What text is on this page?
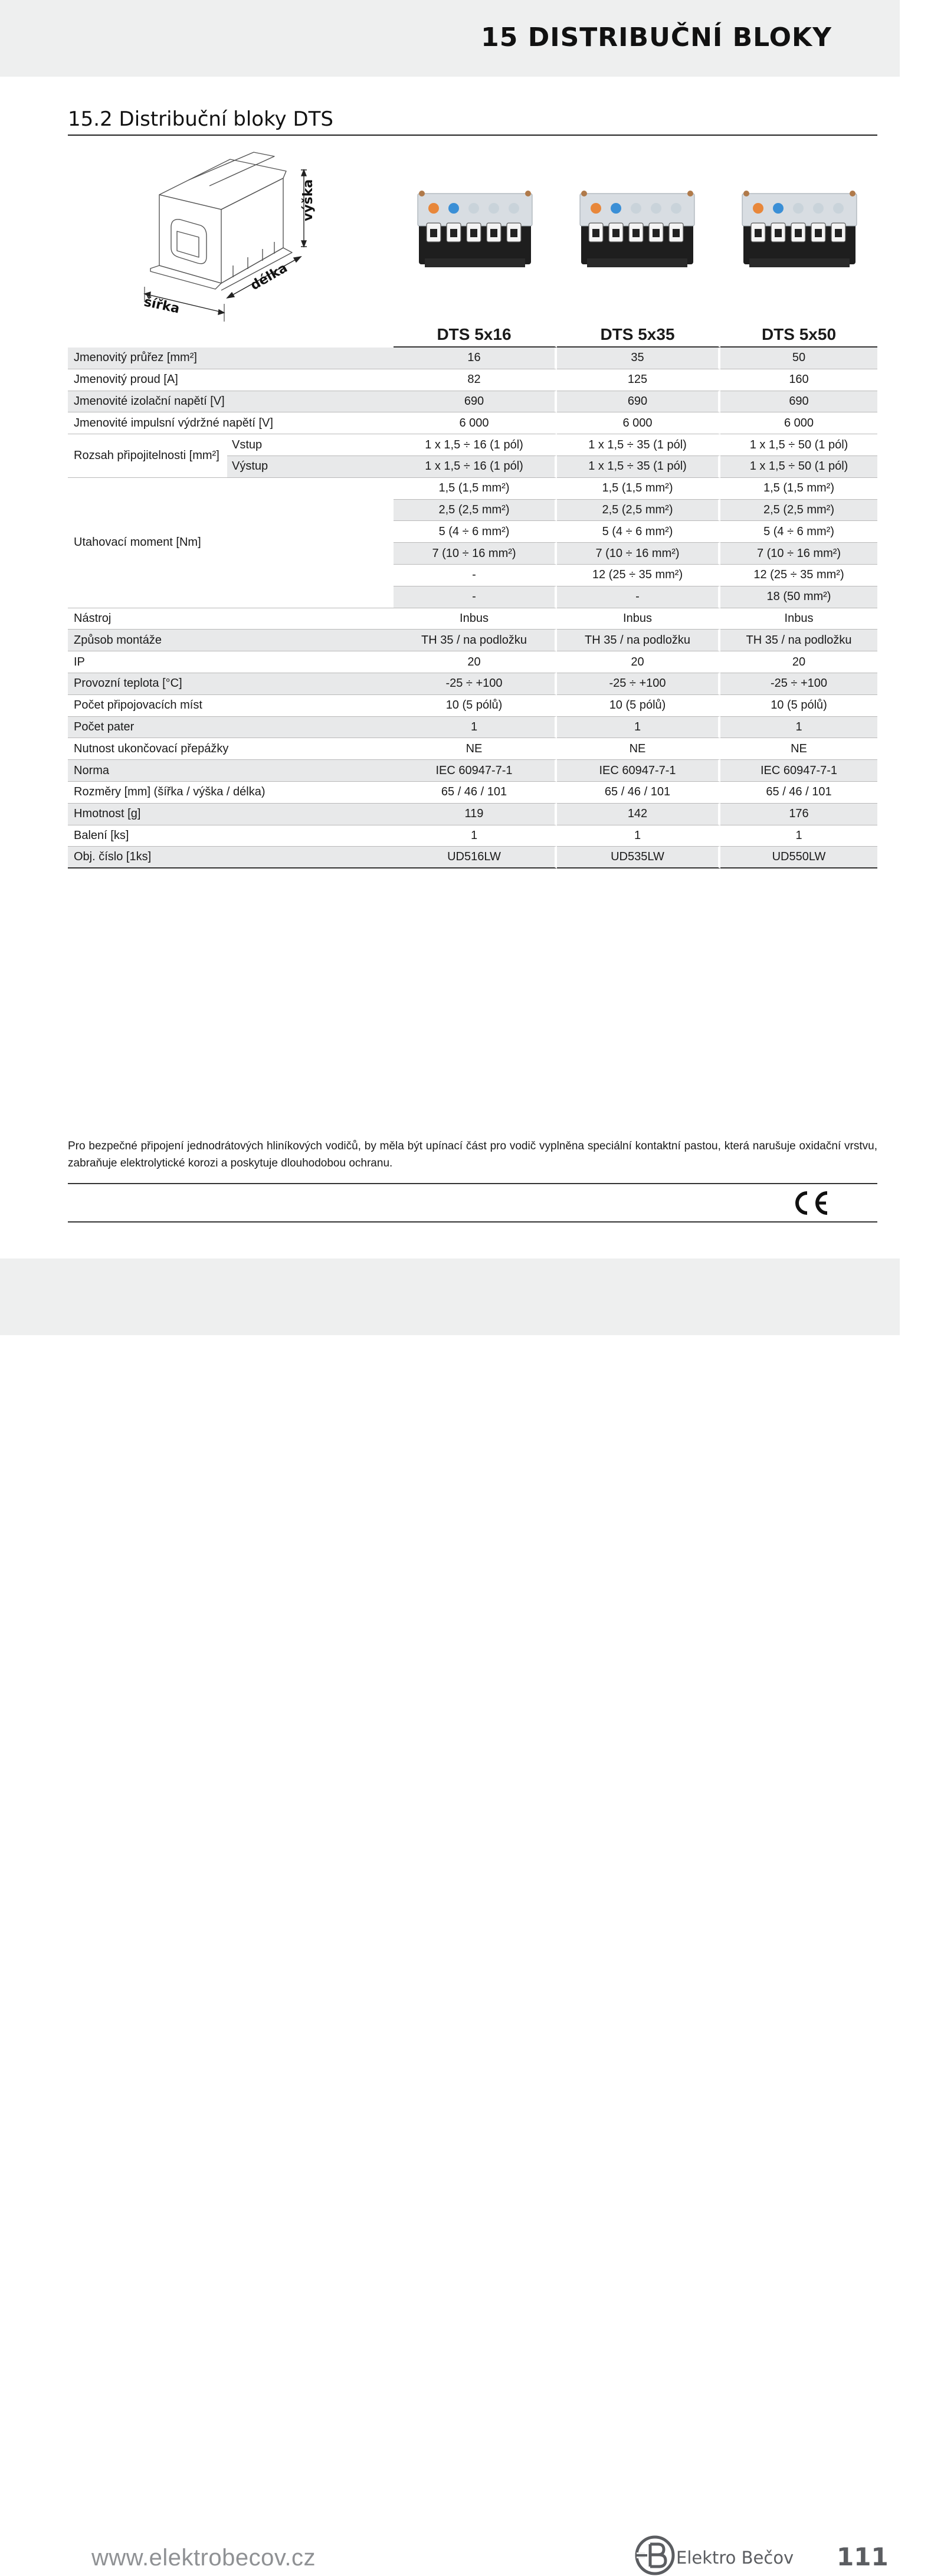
15 DISTRIBUČNÍ BLOKY
15.2 Distribuční bloky DTS
výška
délka
šířka
		DTS 5x16	DTS 5x35	DTS 5x50
Jmenovitý průřez [mm²]		16	35	50
Jmenovitý proud [A]		82	125	160
Jmenovité izolační napětí [V]		690	690	690
Jmenovité impulsní výdržné napětí [V]		6 000	6 000	6 000
Rozsah připojitelnosti [mm²]	Vstup	1 x 1,5 ÷ 16 (1 pól)	1 x 1,5 ÷ 35 (1 pól)	1 x 1,5 ÷ 50 (1 pól)
	Výstup	1 x 1,5 ÷ 16 (1 pól)	1 x 1,5 ÷ 35 (1 pól)	1 x 1,5 ÷ 50 (1 pól)
Utahovací moment [Nm]		1,5 (1,5 mm²)	1,5 (1,5 mm²)	1,5 (1,5 mm²)
		2,5 (2,5 mm²)	2,5 (2,5 mm²)	2,5 (2,5 mm²)
		5 (4 ÷ 6 mm²)	5 (4 ÷ 6 mm²)	5 (4 ÷ 6 mm²)
		7 (10 ÷ 16 mm²)	7 (10 ÷ 16 mm²)	7 (10 ÷ 16 mm²)
		-	12 (25 ÷ 35 mm²)	12 (25 ÷ 35 mm²)
		-	-	18 (50 mm²)
Nástroj		Inbus	Inbus	Inbus
Způsob montáže		TH 35 / na podložku	TH 35 / na podložku	TH 35 / na podložku
IP		20	20	20
Provozní teplota [°C]		-25 ÷ +100	-25 ÷ +100	-25 ÷ +100
Počet připojovacích míst		10 (5 pólů)	10 (5 pólů)	10 (5 pólů)
Počet pater		1	1	1
Nutnost ukončovací přepážky		NE	NE	NE
Norma		IEC 60947-7-1	IEC 60947-7-1	IEC 60947-7-1
Rozměry [mm] (šířka / výška / délka)		65 / 46 / 101	65 / 46 / 101	65 / 46 / 101
Hmotnost [g]		119	142	176
Balení [ks]		1	1	1
Obj. číslo [1ks]		UD516LW	UD535LW	UD550LW

Pro bezpečné připojení jednodrátových hliníkových vodičů, by měla být upínací část pro vodič vyplněna speciální kontaktní pastou, která narušuje oxidační vrstvu, zabraňuje elektrolytické korozi a poskytuje dlouhodobou ochranu.

www.elektrobecov.cz	Elektro Bečov 111
